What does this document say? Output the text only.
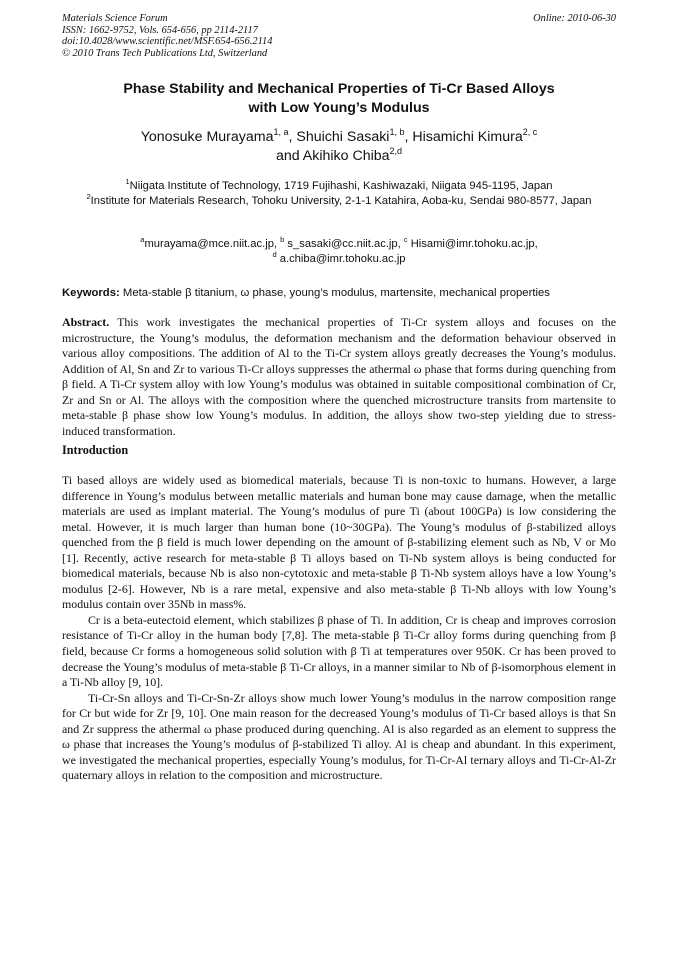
Materials Science Forum	Online: 2010-06-30
ISSN: 1662-9752, Vols. 654-656, pp 2114-2117
doi:10.4028/www.scientific.net/MSF.654-656.2114
© 2010 Trans Tech Publications Ltd, Switzerland
Phase Stability and Mechanical Properties of Ti-Cr Based Alloys
with Low Young’s Modulus
Yonosuke Murayama$^{1, a}$, Shuichi Sasaki$^{1, b}$, Hisamichi Kimura$^{2, c}$
and Akihiko Chiba$^{2,d}$
$^1$Niigata Institute of Technology, 1719 Fujihashi, Kashiwazaki, Niigata 945-1195, Japan
$^2$Institute for Materials Research, Tohoku University, 2-1-1 Katahira, Aoba-ku, Sendai 980-8577, Japan
$^a$murayama@mce.niit.ac.jp, $^b$ s_sasaki@cc.niit.ac.jp, $^c$ Hisami@imr.tohoku.ac.jp,
$^d$ a.chiba@imr.tohoku.ac.jp
Keywords: Meta-stable β titanium, ω phase, young’s modulus, martensite, mechanical properties
Abstract. This work investigates the mechanical properties of Ti-Cr system alloys and focuses on the microstructure, the Young’s modulus, the deformation mechanism and the deformation behaviour observed in various alloy compositions. The addition of Al to the Ti-Cr system alloys greatly decreases the Young’s modulus. Addition of Al, Sn and Zr to various Ti-Cr alloys suppresses the athermal ω phase that forms during quenching from β field. A Ti-Cr system alloy with low Young’s modulus was obtained in suitable compositional combination of Cr, Zr and Sn or Al. The alloys with the composition where the quenched microstructure transits from martensite to meta-stable β phase show low Young’s modulus. In addition, the alloys show two-step yielding due to stress-induced transformation.
Introduction

Ti based alloys are widely used as biomedical materials, because Ti is non-toxic to humans. However, a large difference in Young’s modulus between metallic materials and human bone may cause damage, when the metallic materials are used as implant material. The Young’s modulus of pure Ti (about 100GPa) is low considering the metal. However, it is much larger than human bone (10~30GPa). The Young’s modulus of β-stabilized alloys quenched from the β field is much lower depending on the amount of β-stabilizing element such as Nb, V or Mo [1]. Recently, active research for meta-stable β Ti alloys based on Ti-Nb system alloys is being conducted for biomedical materials, because Nb is also non-cytotoxic and meta-stable β Ti-Nb system alloys have a low Young’s modulus [2-6]. However, Nb is a rare metal, expensive and also meta-stable β Ti-Nb alloys with low Young’s modulus contain over 35Nb in mass%.

Cr is a beta-eutectoid element, which stabilizes β phase of Ti. In addition, Cr is cheap and improves corrosion resistance of Ti-Cr alloy in the human body [7,8]. The meta-stable β Ti-Cr alloy forms during quenching from β field, because Cr forms a homogeneous solid solution with β Ti at temperatures over 950K. Cr has been proved to decrease the Young’s modulus of meta-stable β Ti-Cr alloys, in a manner similar to Nb of β-isomorphous element in a Ti-Nb alloy [9, 10].

Ti-Cr-Sn alloys and Ti-Cr-Sn-Zr alloys show much lower Young’s modulus in the narrow composition range for Cr but wide for Zr [9, 10]. One main reason for the decreased Young’s modulus of Ti-Cr based alloys is that Sn and Zr suppress the athermal ω phase produced during quenching. Al is also regarded as an element to suppress the ω phase that increases the Young’s modulus of β-stabilized Ti alloy. Al is cheap and abundant. In this experiment, we investigated the mechanical properties, especially Young’s modulus, for Ti-Cr-Al ternary alloys and Ti-Cr-Al-Zr quaternary alloys in relation to the composition and microstructure.
